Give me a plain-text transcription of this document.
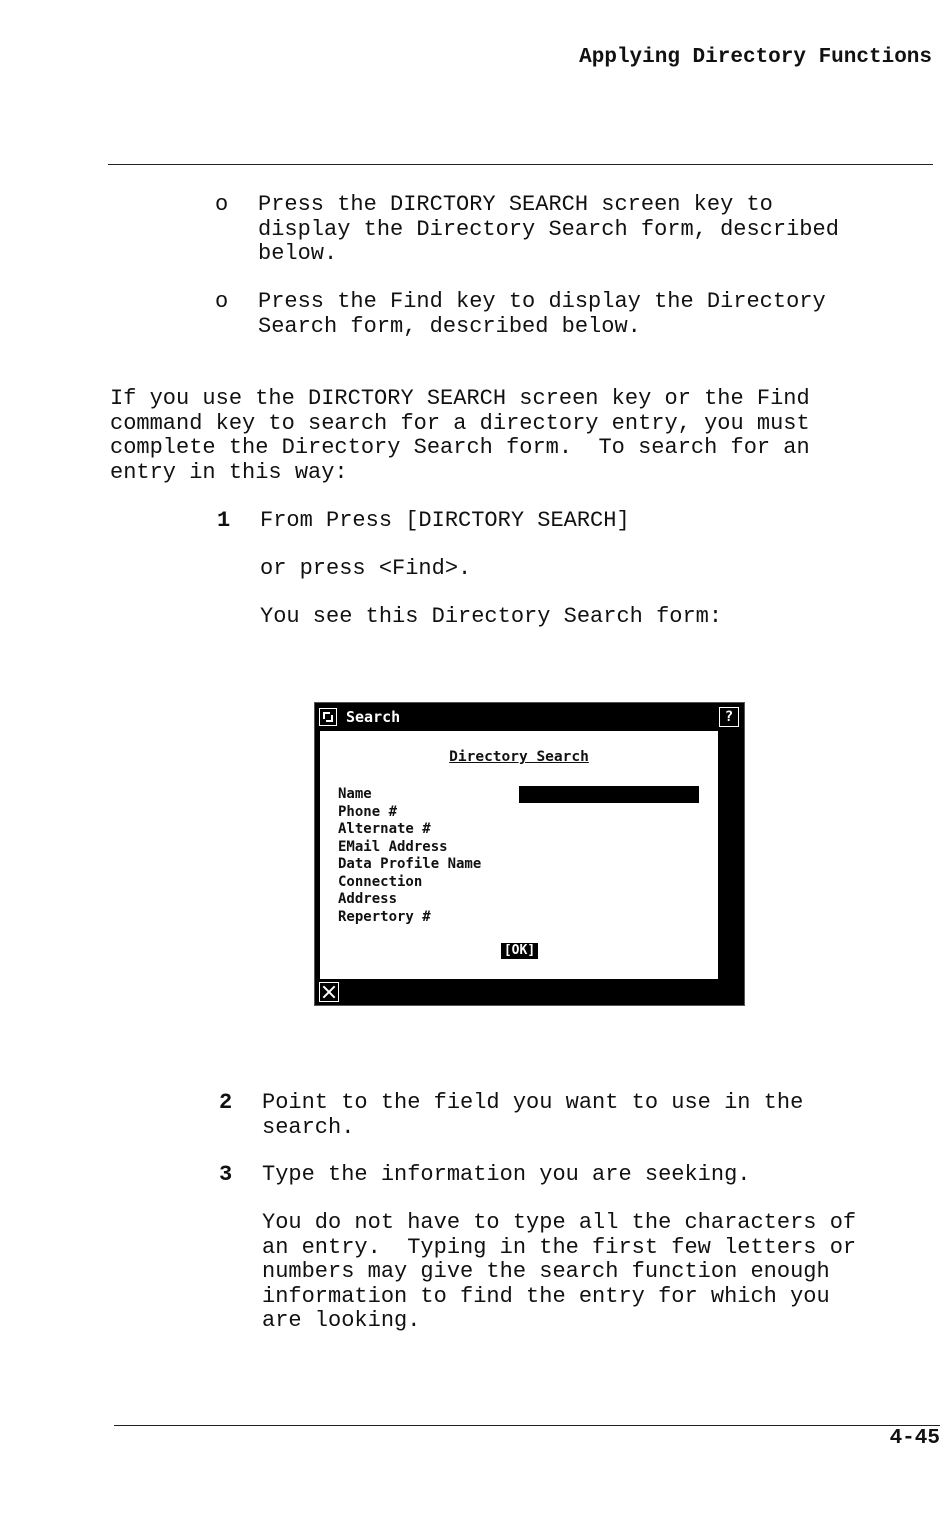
Applying Directory Functions
o Press the DIRCTORY SEARCH screen key to
display the Directory Search form, described
below.
o Press the Find key to display the Directory
Search form, described below.
If you use the DIRCTORY SEARCH screen key or the Find
command key to search for a directory entry, you must
complete the Directory Search form.  To search for an
entry in this way:
1 From Press [DIRCTORY SEARCH]
or press <Find>.
You see this Directory Search form:
Search	?
Directory Search
Name
Phone #
Alternate #
EMail Address
Data Profile Name
Connection
Address
Repertory #
[OK]
2 Point to the field you want to use in the
search.
3 Type the information you are seeking.
You do not have to type all the characters of
an entry.  Typing in the first few letters or
numbers may give the search function enough
information to find the entry for which you
are looking.
4-45
